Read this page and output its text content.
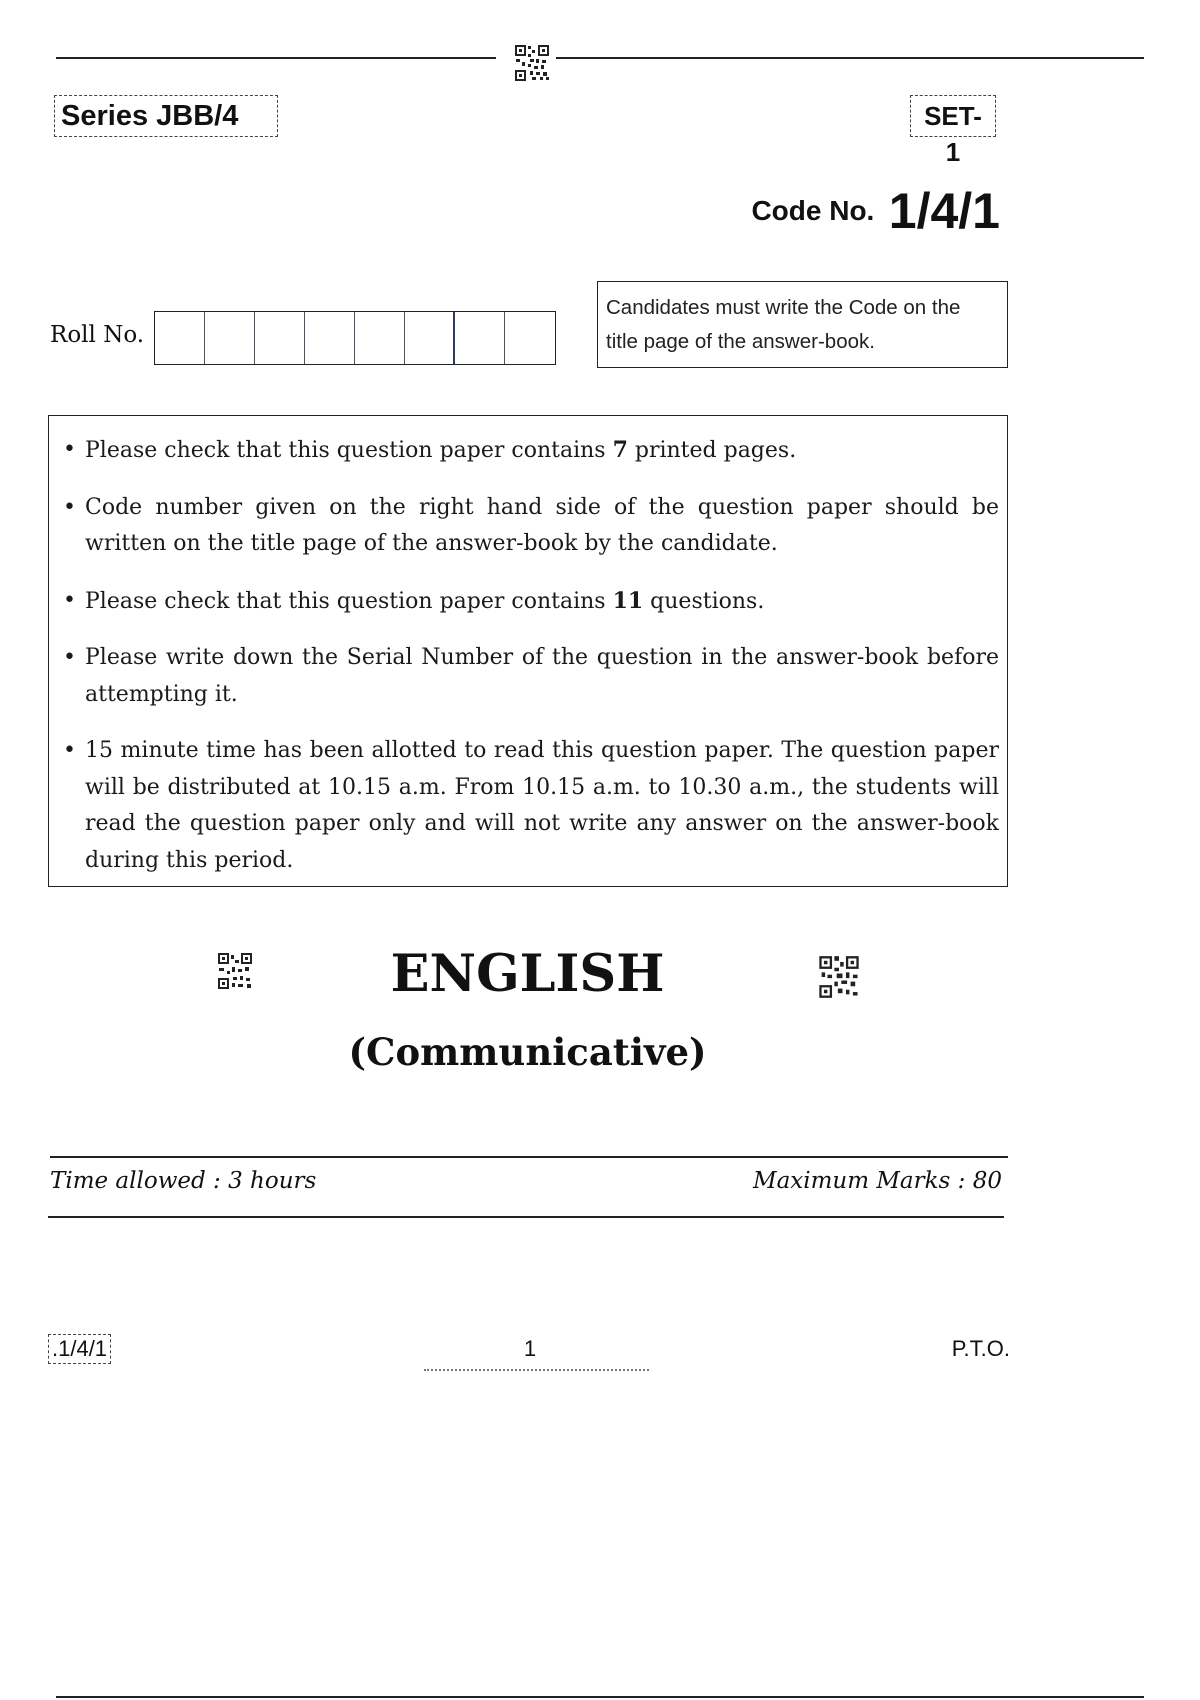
Series JBB/4	SET-1
Code No. 1/4/1
Roll No.
Candidates must write the Code on the
title page of the answer-book.
• Please check that this question paper contains 7 printed pages.
• Code number given on the right hand side of the question paper should be written on the title page of the answer-book by the candidate.
• Please check that this question paper contains 11 questions.
• Please write down the Serial Number of the question in the answer-book before attempting it.
• 15 minute time has been allotted to read this question paper. The question paper will be distributed at 10.15 a.m. From 10.15 a.m. to 10.30 a.m., the students will read the question paper only and will not write any answer on the answer-book during this period.
ENGLISH
(Communicative)
Time allowed : 3 hours	Maximum Marks : 80
.1/4/1	1	P.T.O.
